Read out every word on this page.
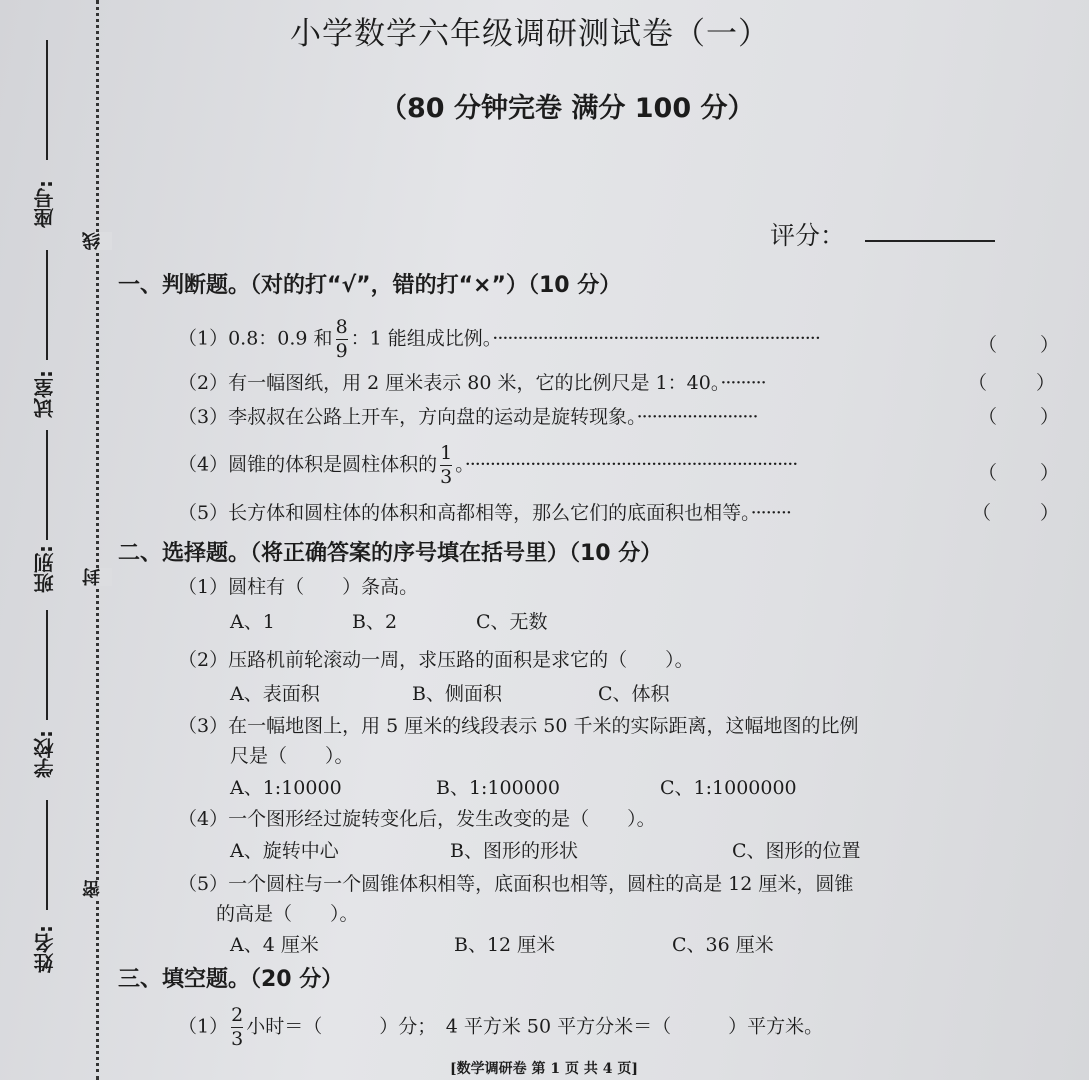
座号:
试室:
班别:
学校:
姓名:
线
封
密
小学数学六年级调研测试卷（一）
（80 分钟完卷 满分 100 分）
评分：
一、判断题。（对的打“√”，错的打“×”）（10 分）
（1）0.8：0.9 和 $\frac{8}{9}$ ：1 能组成比例。·································································	（ ）
（2）有一幅图纸，用 2 厘米表示 80 米，它的比例尺是 1：40。·········	（	）
（3）李叔叔在公路上开车，方向盘的运动是旋转现象。························	（ ）
（4）圆锥的体积是圆柱体积的 $\frac{1}{3}$ 。··································································	（ ）
（5）长方体和圆柱体的体积和高都相等，那么它们的底面积也相等。········	（	）
二、选择题。（将正确答案的序号填在括号里）（10 分）
（1）圆柱有（　　）条高。
A、1	B、2	C、无数
（2）压路机前轮滚动一周，求压路的面积是求它的（　　）。
A、表面积	B、侧面积	C、体积
（3）在一幅地图上，用 5 厘米的线段表示 50 千米的实际距离，这幅地图的比例
尺是（　　）。
A、1:10000	B、1:100000	C、1:1000000
（4）一个图形经过旋转变化后，发生改变的是（　　）。
A、旋转中心	B、图形的形状	C、图形的位置
（5）一个圆柱与一个圆锥体积相等，底面积也相等，圆柱的高是 12 厘米，圆锥
的高是（　　）。
A、4 厘米	B、12 厘米	C、36 厘米
三、填空题。（20 分）
$(1) \frac{2}{3}$ 小时＝（　　　）分；　4 平方米 50 平方分米＝（　　　）平方米。
[数学调研卷 第 1 页 共 4 页]
